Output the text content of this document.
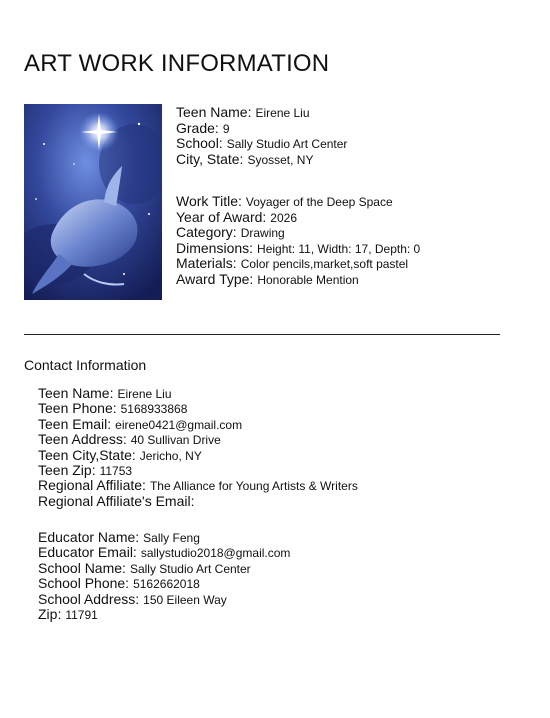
ART WORK INFORMATION
Teen Name: Eirene Liu
Grade: 9
School: Sally Studio Art Center
City, State: Syosset, NY
Work Title: Voyager of the Deep Space
Year of Award: 2026
Category: Drawing
Dimensions: Height: 11, Width: 17, Depth: 0
Materials: Color pencils,market,soft pastel
Award Type: Honorable Mention
Contact Information
Teen Name: Eirene Liu
Teen Phone: 5168933868
Teen Email: eirene0421@gmail.com
Teen Address: 40 Sullivan Drive
Teen City,State: Jericho, NY
Teen Zip: 11753
Regional Affiliate: The Alliance for Young Artists & Writers
Regional Affiliate's Email:
Educator Name: Sally Feng
Educator Email: sallystudio2018@gmail.com
School Name: Sally Studio Art Center
School Phone: 5162662018
School Address: 150 Eileen Way
Zip: 11791
